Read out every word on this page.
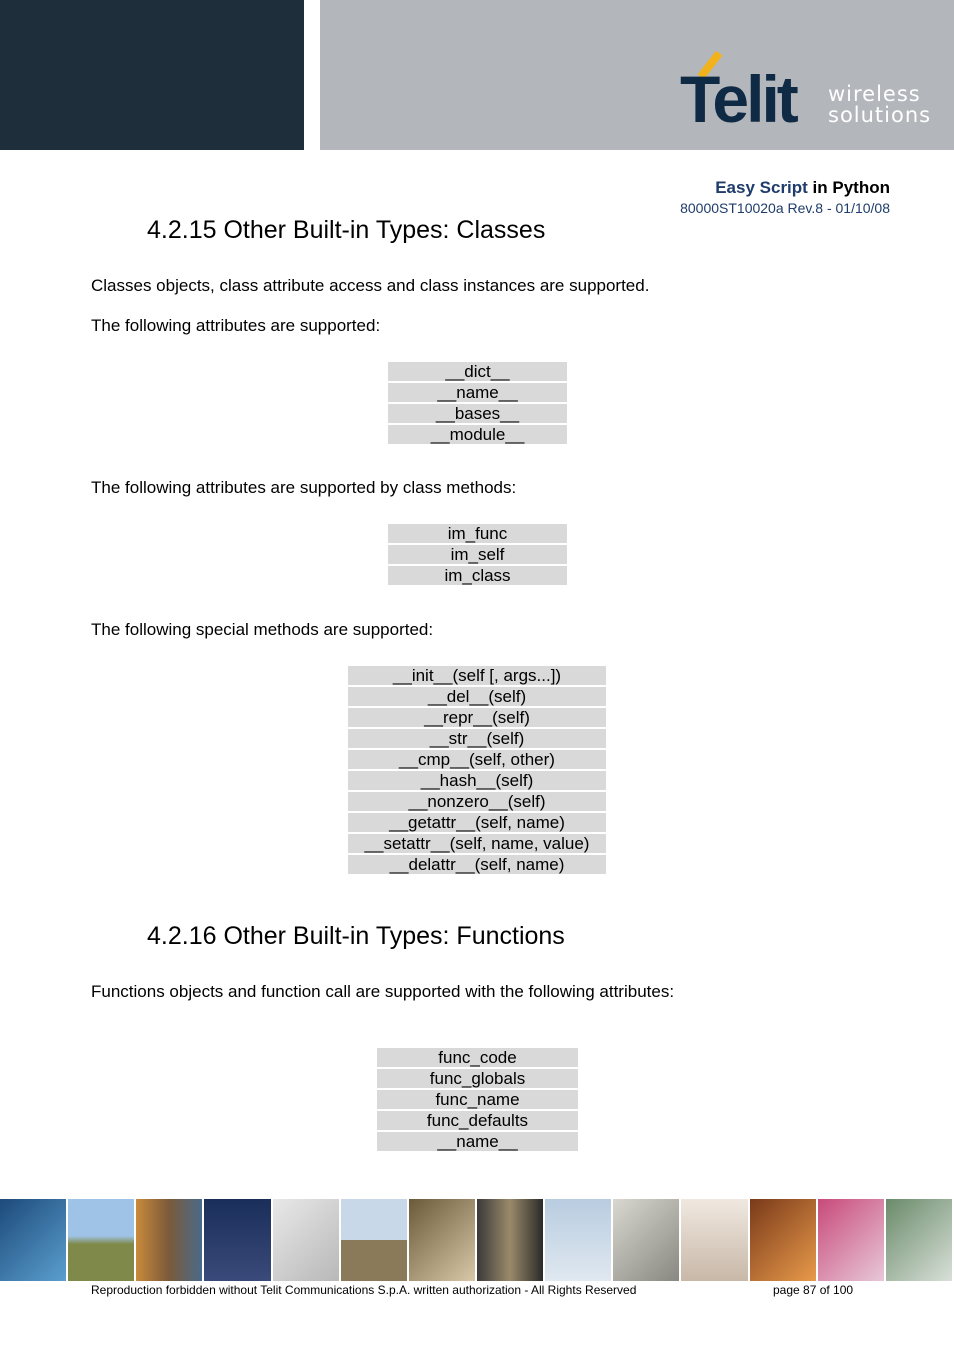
Telit wireless
solutions
Easy Script in Python
80000ST10020a Rev.8 - 01/10/08
4.2.15 Other Built-in Types: Classes

Classes objects, class attribute access and class instances are supported.

The following attributes are supported:

__dict__
__name__
__bases__
__module__

The following attributes are supported by class methods:

im_func
im_self
im_class

The following special methods are supported:

__init__(self [, args...])
__del__(self)
__repr__(self)
__str__(self)
__cmp__(self, other)
__hash__(self)
__nonzero__(self)
__getattr__(self, name)
__setattr__(self, name, value)
__delattr__(self, name)
4.2.16 Other Built-in Types: Functions

Functions objects and function call are supported with the following attributes:

func_code
func_globals
func_name
func_defaults
__name__
Reproduction forbidden without Telit Communications S.p.A. written authorization - All Rights Reserved	page 87 of 100
